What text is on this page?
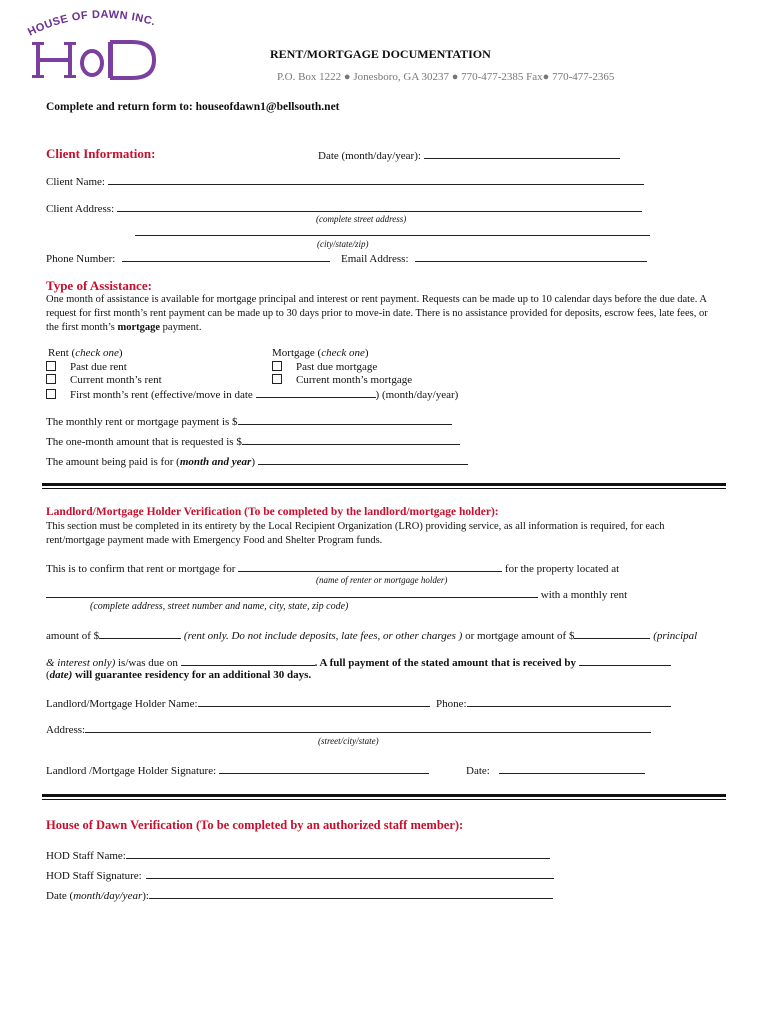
HOUSE OF DAWN INC.
RENT/MORTGAGE DOCUMENTATION
P.O. Box 1222 ● Jonesboro, GA 30237 ● 770-477-2385 Fax● 770-477-2365
Complete and return form to: houseofdawn1@bellsouth.net
Client Information:	Date (month/day/year):
Client Name:
Client Address:
(complete street address)
(city/state/zip)
Phone Number:	Email Address:
Type of Assistance:
One month of assistance is available for mortgage principal and interest or rent payment. Requests can be made up to 10 calendar days before the due date. A request for first month’s rent payment can be made up to 30 days prior to move-in date. There is no assistance provided for deposits, escrow fees, late fees, or the first month’s mortgage payment.
Rent (check one)	Mortgage (check one)
Past due rent
Current month’s rent
First month’s rent (effective/move in date	) (month/day/year)
Past due mortgage
Current month’s mortgage
The monthly rent or mortgage payment is $
The one-month amount that is requested is $
The amount being paid is for (month and year)
Landlord/Mortgage Holder Verification (To be completed by the landlord/mortgage holder):
This section must be completed in its entirety by the Local Recipient Organization (LRO) providing service, as all information is required, for each rent/mortgage payment made with Emergency Food and Shelter Program funds.
This is to confirm that rent or mortgage for	for the property located at
(name of renter or mortgage holder)
with a monthly rent
(complete address, street number and name, city, state, zip code)
amount of $	(rent only. Do not include deposits, late fees, or other charges ) or mortgage amount of $	(principal
& interest only) is/was due on	. A full payment of the stated amount that is received by
(date) will guarantee residency for an additional 30 days.
Landlord/Mortgage Holder Name:	Phone:
Address:
(street/city/state)
Landlord /Mortgage Holder Signature:	Date:
House of Dawn Verification (To be completed by an authorized staff member):
HOD Staff Name:
HOD Staff Signature:
Date (month/day/year):
